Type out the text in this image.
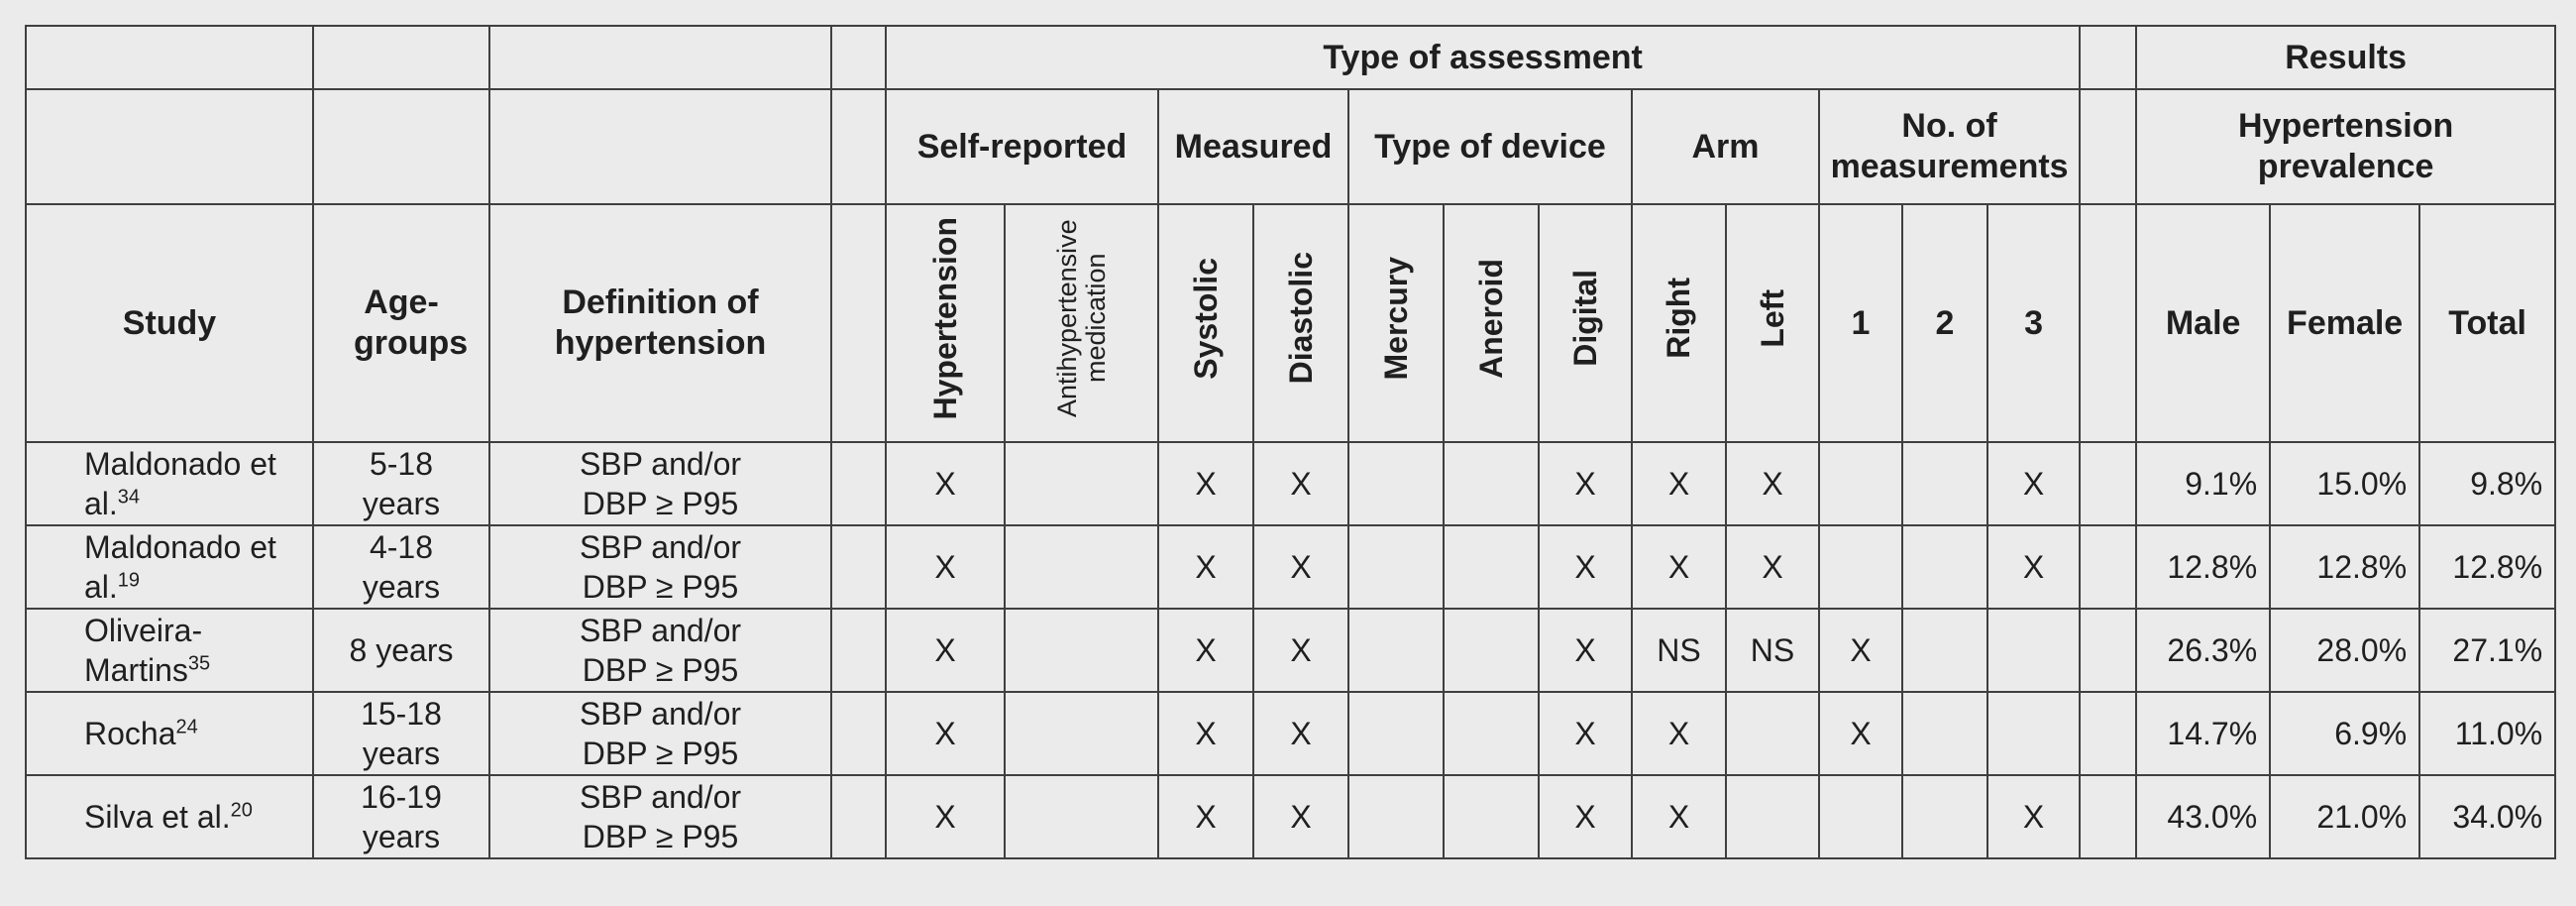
				Type of assessment													Results		
				Self-reported		Measured		Type of device			Arm		No. of measurements				Hypertension prevalence		
Study	Age-groups	Definition of hypertension		Hypertension	Antihypertensive medication	Systolic	Diastolic	Mercury	Aneroid	Digital	Right	Left	1	2	3		Male	Female	Total
Maldonado et al.$^{34}$	5-18 years	SBP and/or DBP ≥ P95		X		X	X			X	X	X			X		9.1%	15.0%	9.8%
Maldonado et al.$^{19}$	4-18 years	SBP and/or DBP ≥ P95		X		X	X			X	X	X			X		12.8%	12.8%	12.8%
Oliveira-Martins$^{35}$	8 years	SBP and/or DBP ≥ P95		X		X	X			X	NS	NS	X				26.3%	28.0%	27.1%
Rocha$^{24}$	15-18 years	SBP and/or DBP ≥ P95		X		X	X			X	X		X				14.7%	6.9%	11.0%
Silva et al.$^{20}$	16-19 years	SBP and/or DBP ≥ P95		X		X	X			X	X				X		43.0%	21.0%	34.0%
